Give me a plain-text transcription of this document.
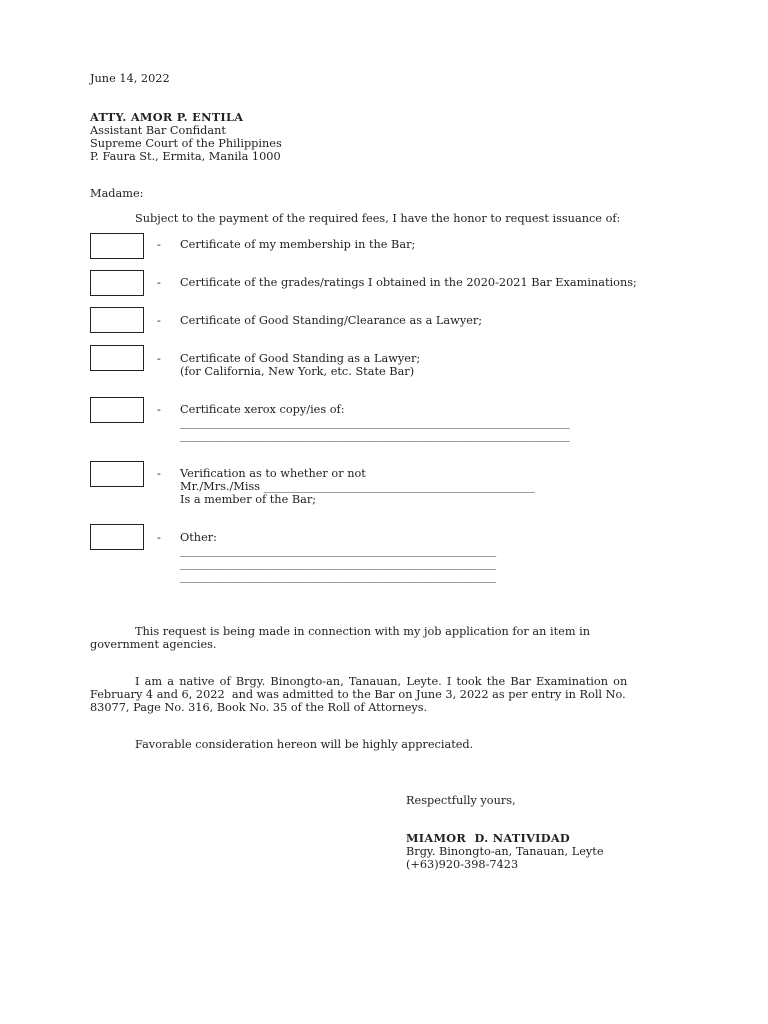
June 14, 2022
ATTY. AMOR P. ENTILA
Assistant Bar Confidant
Supreme Court of the Philippines
P. Faura St., Ermita, Manila 1000
Madame:
Subject to the payment of the required fees, I have the honor to request issuance of:
- Certificate of my membership in the Bar;
- Certificate of the grades/ratings I obtained in the 2020-2021 Bar Examinations;
- Certificate of Good Standing/Clearance as a Lawyer;
- Certificate of Good Standing as a Lawyer;
(for California, New York, etc. State Bar)
- Certificate xerox copy/ies of:
_____________________________________________________________________
_____________________________________________________________________
- Verification as to whether or not
Mr./Mrs./Miss ________________________________________________
Is a member of the Bar;
- Other:
________________________________________________________
________________________________________________________
________________________________________________________
This request is being made in connection with my job application for an item in
government agencies.
I am a native of Brgy. Binongto-an, Tanauan, Leyte. I took the Bar Examination on
February 4 and 6, 2022  and was admitted to the Bar on June 3, 2022 as per entry in Roll No.
83077, Page No. 316, Book No. 35 of the Roll of Attorneys.
Favorable consideration hereon will be highly appreciated.
Respectfully yours,
MIAMOR  D. NATIVIDAD
Brgy. Binongto-an, Tanauan, Leyte
(+63)920-398-7423
